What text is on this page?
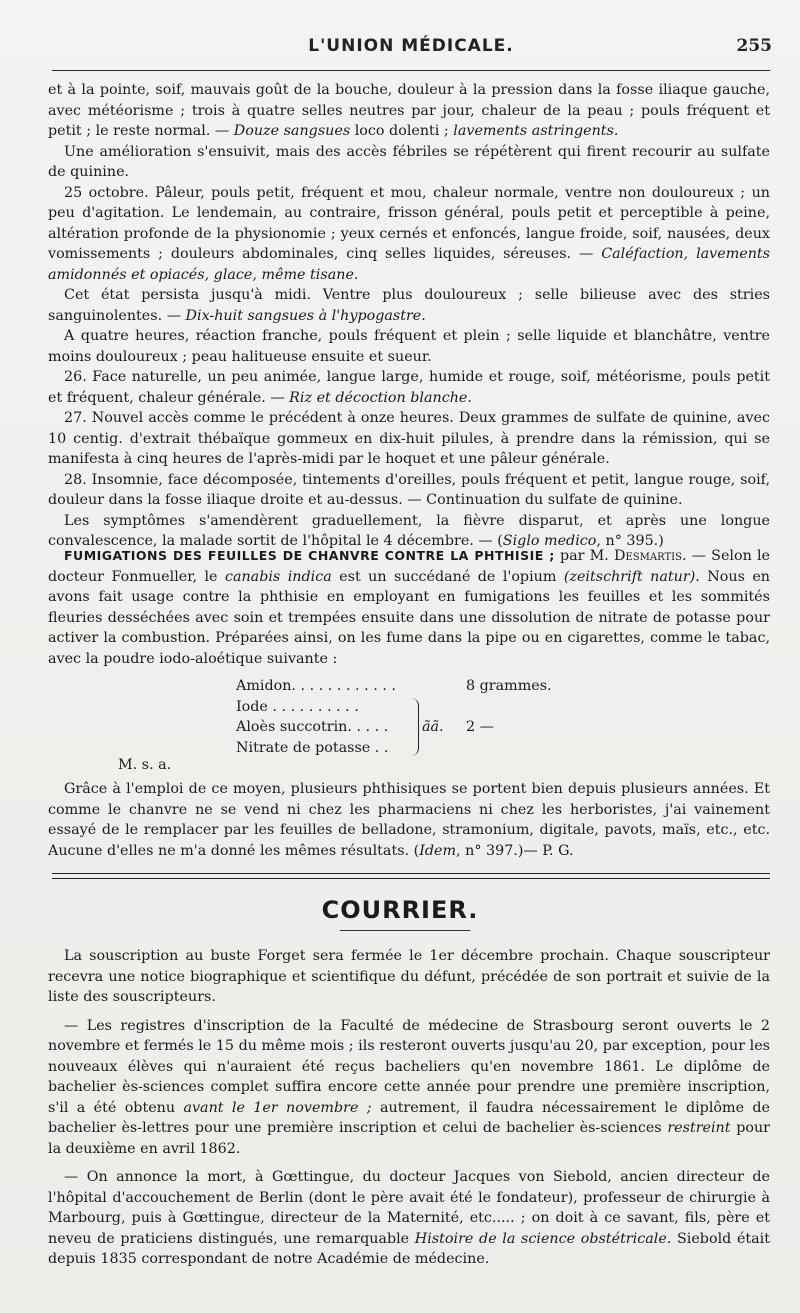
L'UNION MÉDICALE.	255

et à la pointe, soif, mauvais goût de la bouche, douleur à la pression dans la fosse iliaque gauche, avec météorisme ; trois à quatre selles neutres par jour, chaleur de la peau ; pouls fréquent et petit ; le reste normal. — Douze sangsues loco dolenti ; lavements astringents.

Une amélioration s'ensuivit, mais des accès fébriles se répétèrent qui firent recourir au sulfate de quinine.

25 octobre. Pâleur, pouls petit, fréquent et mou, chaleur normale, ventre non douloureux ; un peu d'agitation. Le lendemain, au contraire, frisson général, pouls petit et perceptible à peine, altération profonde de la physionomie ; yeux cernés et enfoncés, langue froide, soif, nausées, deux vomissements ; douleurs abdominales, cinq selles liquides, séreuses. — Caléfaction, lavements amidonnés et opiacés, glace, même tisane.

Cet état persista jusqu'à midi. Ventre plus douloureux ; selle bilieuse avec des stries sanguinolentes. — Dix-huit sangsues à l'hypogastre.

A quatre heures, réaction franche, pouls fréquent et plein ; selle liquide et blanchâtre, ventre moins douloureux ; peau halitueuse ensuite et sueur.

26. Face naturelle, un peu animée, langue large, humide et rouge, soif, météorisme, pouls petit et fréquent, chaleur générale. — Riz et décoction blanche.

27. Nouvel accès comme le précédent à onze heures. Deux grammes de sulfate de quinine, avec 10 centig. d'extrait thébaïque gommeux en dix-huit pilules, à prendre dans la rémission, qui se manifesta à cinq heures de l'après-midi par le hoquet et une pâleur générale.

28. Insomnie, face décomposée, tintements d'oreilles, pouls fréquent et petit, langue rouge, soif, douleur dans la fosse iliaque droite et au-dessus. — Continuation du sulfate de quinine.

Les symptômes s'amendèrent graduellement, la fièvre disparut, et après une longue convalescence, la malade sortit de l'hôpital le 4 décembre. — (Siglo medico, n° 395.)

FUMIGATIONS DES FEUILLES DE CHANVRE CONTRE LA PHTHISIE ; par M. Desmartis. — Selon le docteur Fonmueller, le canabis indica est un succédané de l'opium (zeitschrift natur). Nous en avons fait usage contre la phthisie en employant en fumigations les feuilles et les sommités fleuries desséchées avec soin et trempées ensuite dans une dissolution de nitrate de potasse pour activer la combustion. Préparées ainsi, on les fume dans la pipe ou en cigarettes, comme le tabac, avec la poudre iodo-aloétique suivante :

Amidon. . . . . . . . . . . .	8 grammes.
Iode . . . . . . . . . .
Aloès succotrin. . . . .
Nitrate de potasse . .
ãã. 2 —
M. s. a.

Grâce à l'emploi de ce moyen, plusieurs phthisiques se portent bien depuis plusieurs années. Et comme le chanvre ne se vend ni chez les pharmaciens ni chez les herboristes, j'ai vainement essayé de le remplacer par les feuilles de belladone, stramonium, digitale, pavots, maïs, etc., etc. Aucune d'elles ne m'a donné les mêmes résultats. (Idem, n° 397.)— P. G.

COURRIER.

La souscription au buste Forget sera fermée le 1er décembre prochain. Chaque souscripteur recevra une notice biographique et scientifique du défunt, précédée de son portrait et suivie de la liste des souscripteurs.

— Les registres d'inscription de la Faculté de médecine de Strasbourg seront ouverts le 2 novembre et fermés le 15 du même mois ; ils resteront ouverts jusqu'au 20, par exception, pour les nouveaux élèves qui n'auraient été reçus bacheliers qu'en novembre 1861. Le diplôme de bachelier ès-sciences complet suffira encore cette année pour prendre une première inscription, s'il a été obtenu avant le 1er novembre ; autrement, il faudra nécessairement le diplôme de bachelier ès-lettres pour une première inscription et celui de bachelier ès-sciences restreint pour la deuxième en avril 1862.

— On annonce la mort, à Gœttingue, du docteur Jacques von Siebold, ancien directeur de l'hôpital d'accouchement de Berlin (dont le père avait été le fondateur), professeur de chirurgie à Marbourg, puis à Gœttingue, directeur de la Maternité, etc..... ; on doit à ce savant, fils, père et neveu de praticiens distingués, une remarquable Histoire de la science obstétricale. Siebold était depuis 1835 correspondant de notre Académie de médecine.
